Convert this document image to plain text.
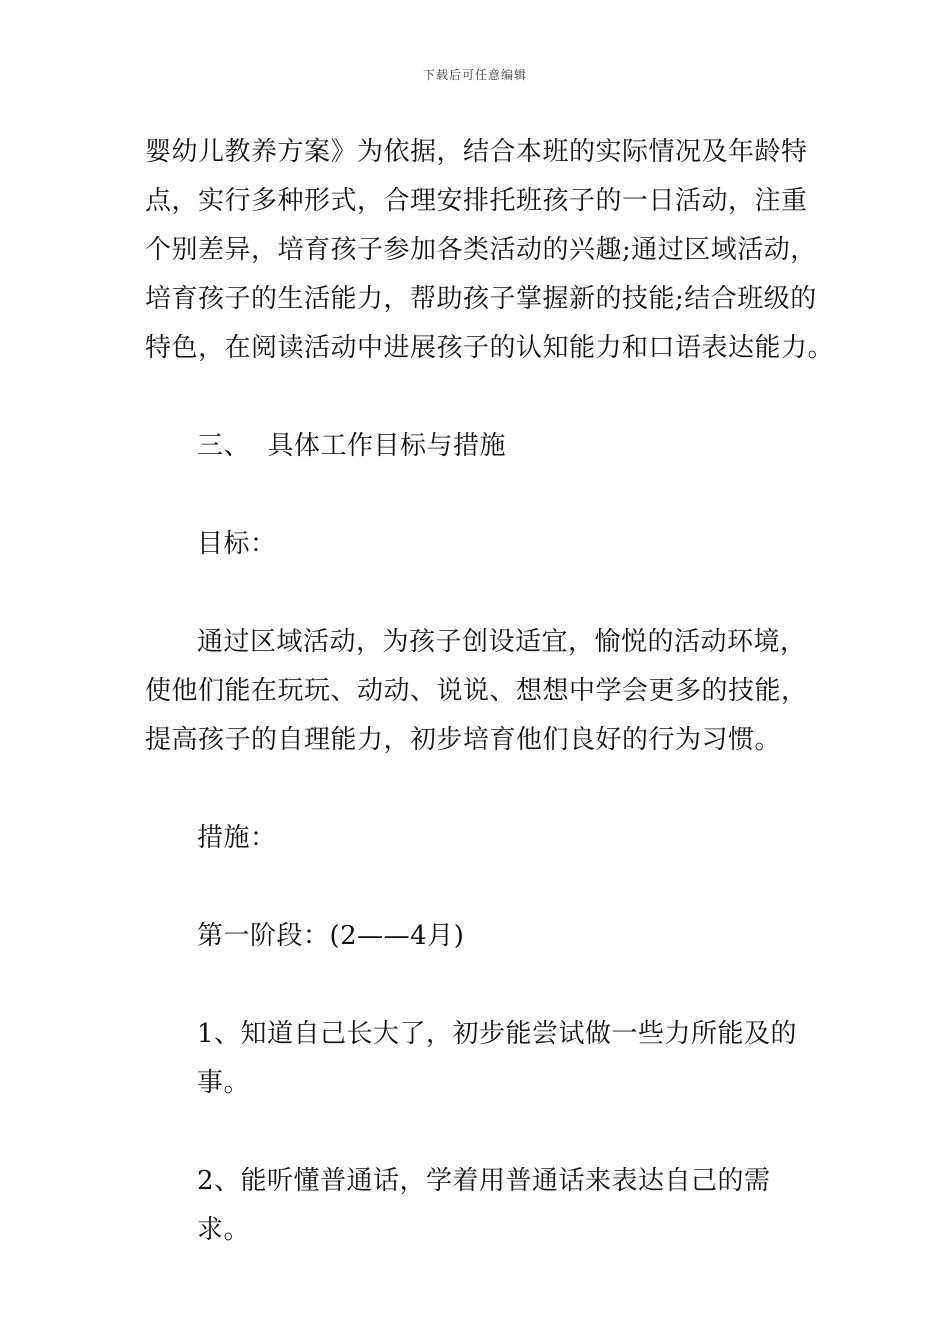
下载后可任意编辑

婴幼儿教养方案》为依据，结合本班的实际情况及年龄特
点，实行多种形式，合理安排托班孩子的一日活动，注重
个别差异，培育孩子参加各类活动的兴趣;通过区域活动，
培育孩子的生活能力，帮助孩子掌握新的技能;结合班级的
特色，在阅读活动中进展孩子的认知能力和口语表达能力。

三、  具体工作目标与措施

目标：

通过区域活动，为孩子创设适宜，愉悦的活动环境，
使他们能在玩玩、动动、说说、想想中学会更多的技能，
提高孩子的自理能力，初步培育他们良好的行为习惯。

措施：

第一阶段：(2——4月)

1、知道自己长大了，初步能尝试做一些力所能及的事。

2、能听懂普通话，学着用普通话来表达自己的需求。
